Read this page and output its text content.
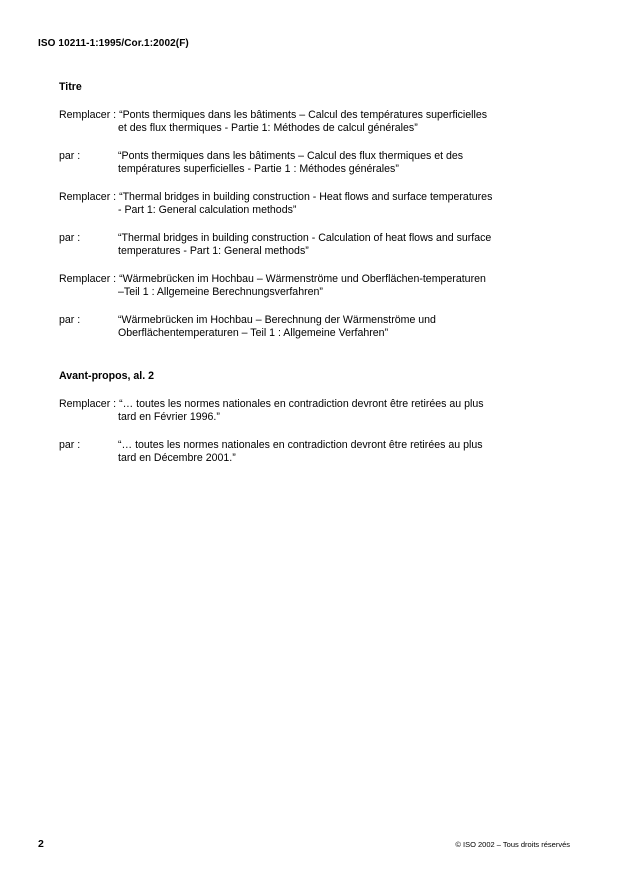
ISO 10211-1:1995/Cor.1:2002(F)
Titre
Remplacer : “Ponts thermiques dans les bâtiments – Calcul des températures superficielles
et des flux thermiques - Partie 1: Méthodes de calcul générales”
par :	“Ponts thermiques dans les bâtiments – Calcul des flux thermiques et des
températures superficielles - Partie 1 : Méthodes générales”
Remplacer : “Thermal bridges in building construction - Heat flows and surface temperatures
- Part 1: General calculation methods”
par :	“Thermal bridges in building construction - Calculation of heat flows and surface
temperatures - Part 1: General methods”
Remplacer : “Wärmebrücken im Hochbau – Wärmenströme und Oberflächen-temperaturen
–Teil 1 : Allgemeine Berechnungsverfahren”
par :	“Wärmebrücken im Hochbau – Berechnung der Wärmenströme und
Oberflächentemperaturen – Teil 1 : Allgemeine Verfahren”
Avant-propos, al. 2
Remplacer : “… toutes les normes nationales en contradiction devront être retirées au plus
tard en Février 1996.”
par :	“… toutes les normes nationales en contradiction devront être retirées au plus
tard en Décembre 2001.”
2	© ISO 2002 – Tous droits réservés
